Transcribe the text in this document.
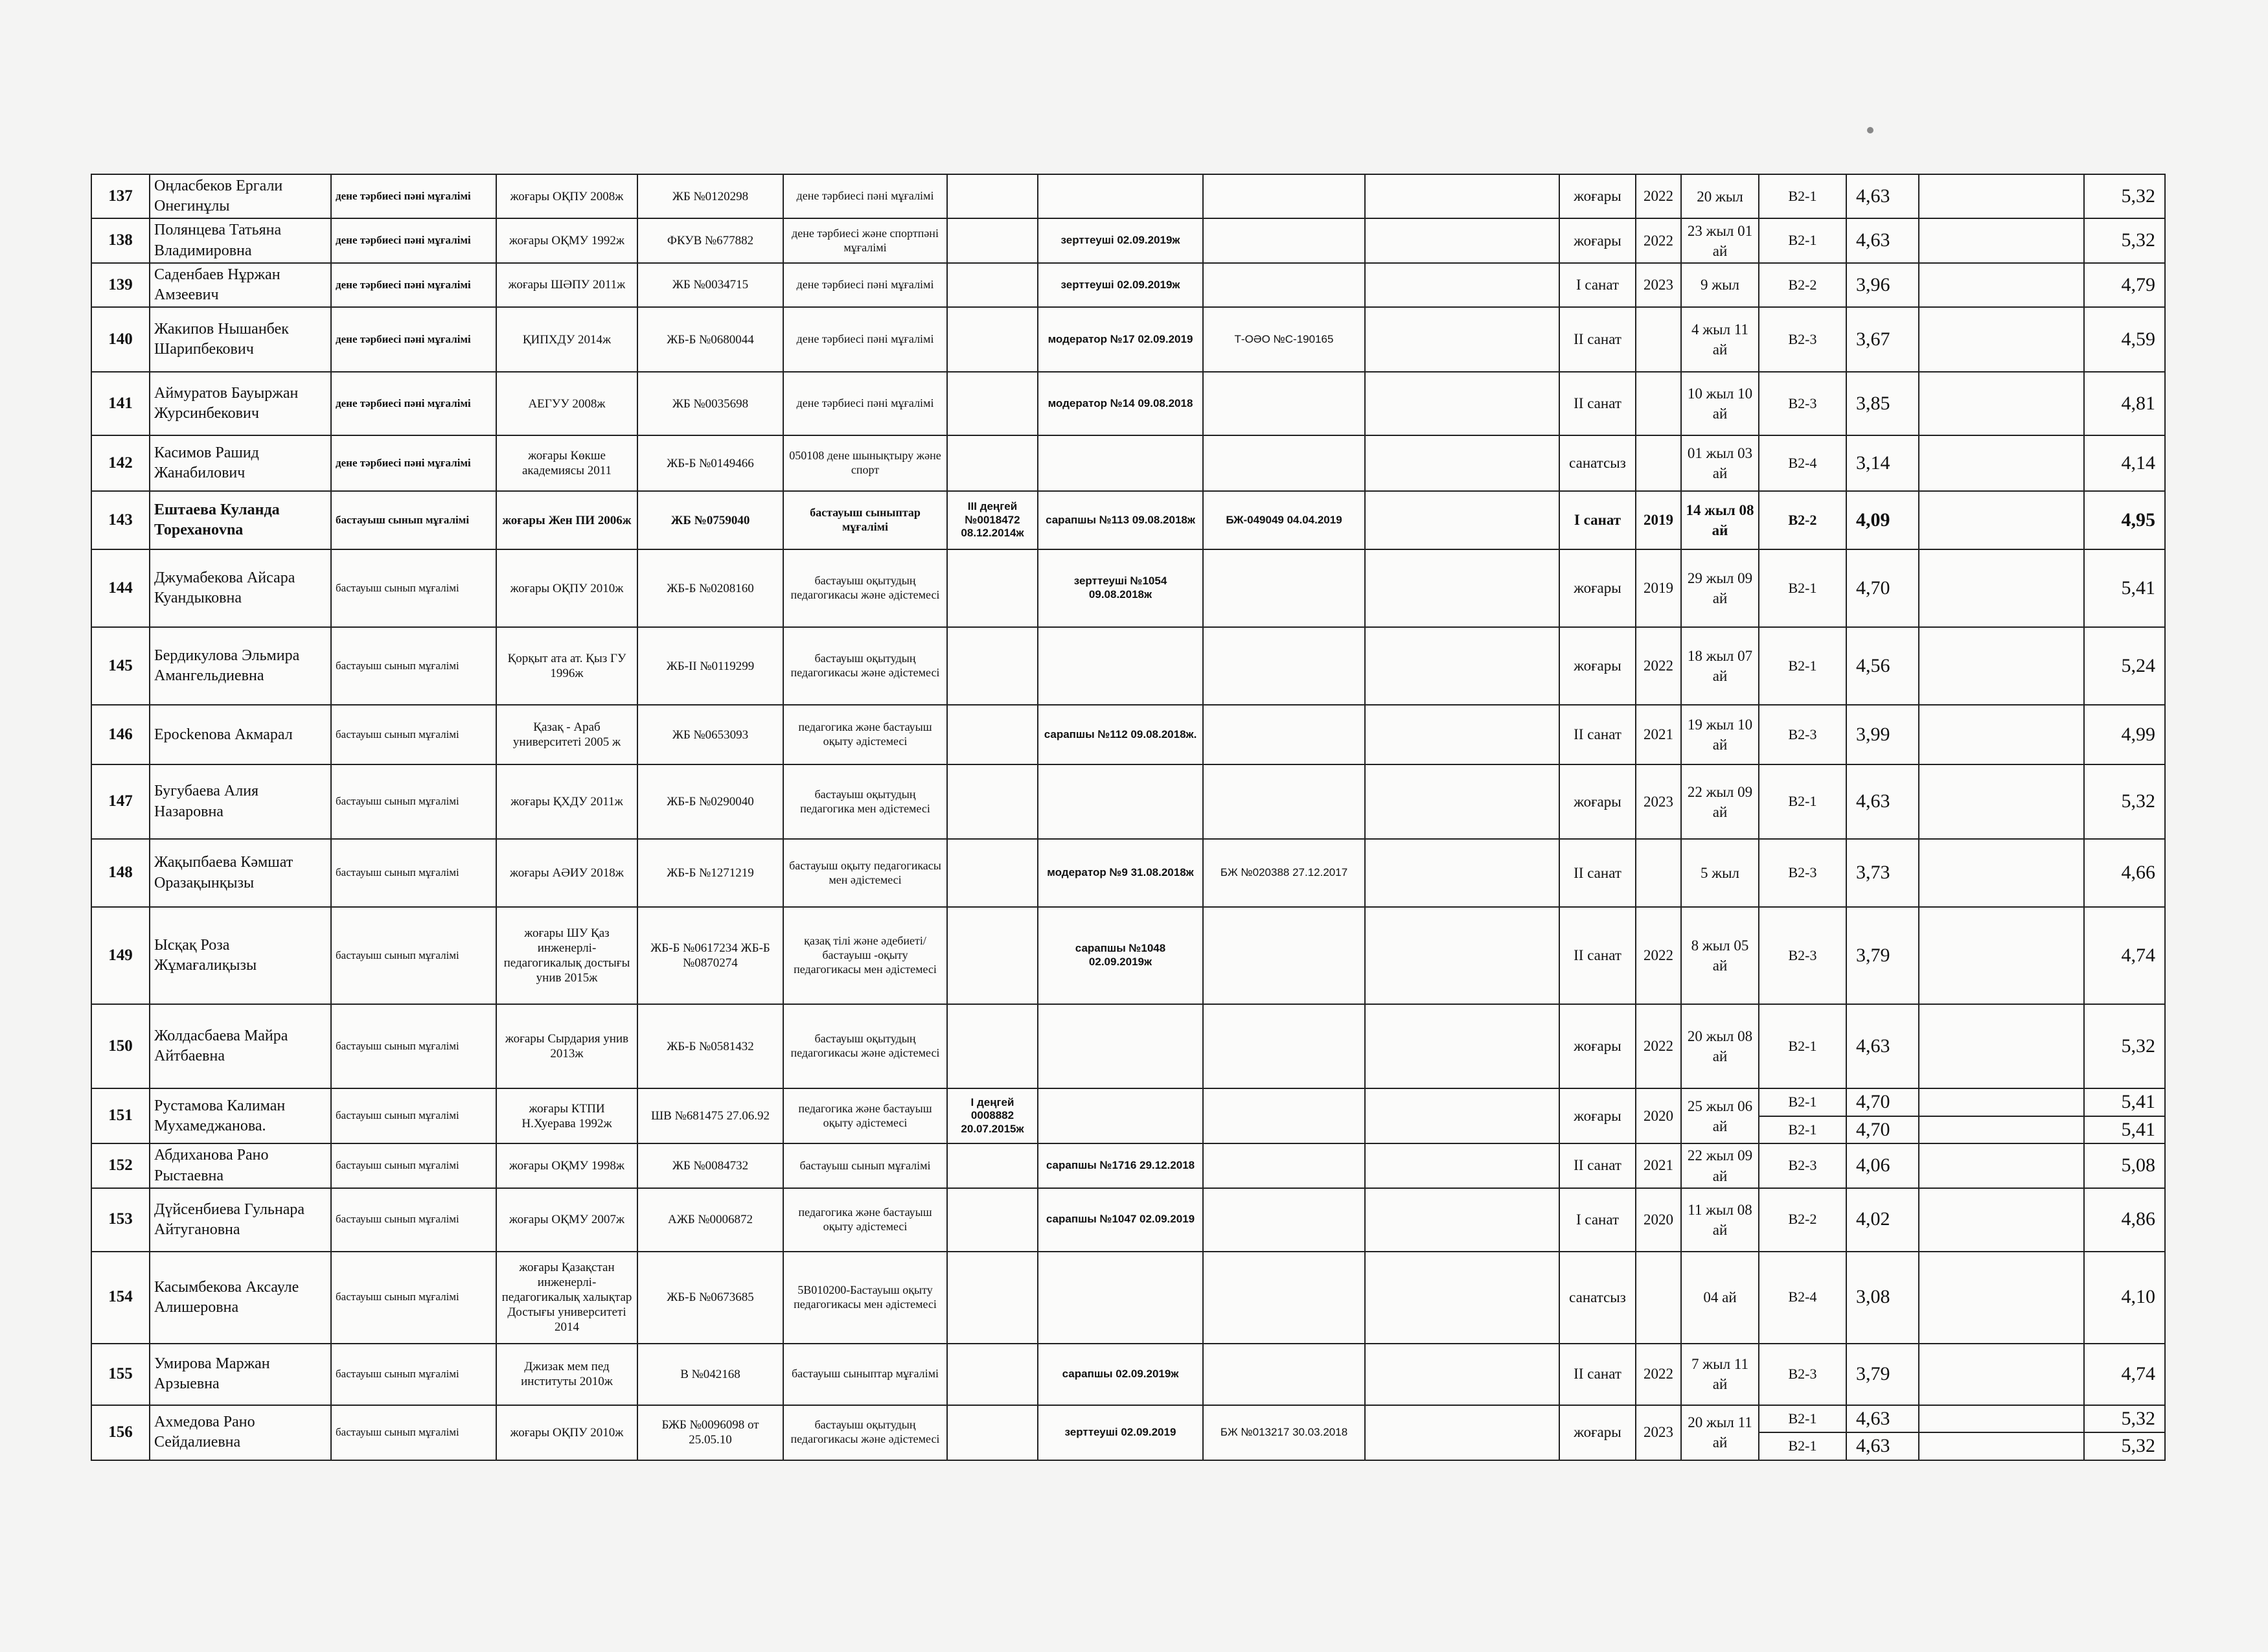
137	Оңласбеков Ергали Онегинұлы	дене тәрбиесі пәні мұғалімі	жоғары ОҚПУ 2008ж	ЖБ №0120298	дене тәрбиесі пәні мұғалімі					жоғары	2022	20 жыл	В2-1	4,63		5,32
138	Полянцева Татьяна Владимировна	дене тәрбиесі пәні мұғалімі	жоғары ОҚМУ 1992ж	ФКУВ №677882	дене тәрбиесі және спортпәні мұғалімі		зерттеуші 02.09.2019ж			жоғары	2022	23 жыл 01 ай	В2-1	4,63		5,32
139	Саденбаев Нұржан Амзеевич	дене тәрбиесі пәні мұғалімі	жоғары ШӘПУ 2011ж	ЖБ №0034715	дене тәрбиесі пәні мұғалімі		зерттеуші 02.09.2019ж			І санат	2023	9 жыл	В2-2	3,96		4,79
140	Жакипов Нышанбек Шарипбекович	дене тәрбиесі пәні мұғалімі	ҚИПХДУ 2014ж	ЖБ-Б №0680044	дене тәрбиесі пәні мұғалімі		модератор №17 02.09.2019	Т-ОӘО №С-190165		ІІ санат		4 жыл 11 ай	В2-3	3,67		4,59
141	Аймуратов Бауыржан Журсинбекович	дене тәрбиесі пәні мұғалімі	АЕГУУ 2008ж	ЖБ №0035698	дене тәрбиесі пәні мұғалімі		модератор №14 09.08.2018			ІІ санат		10 жыл 10 ай	В2-3	3,85		4,81
142	Касимов Рашид Жанабилович	дене тәрбиесі пәні мұғалімі	жоғары Көкше академиясы 2011	ЖБ-Б №0149466	050108 дене шынықтыру және спорт					санатсыз		01 жыл 03 ай	В2-4	3,14		4,14
143	Ештаева Куланда Тореханоvna	бастауыш сынып мұғалімі	жоғары Жен ПИ 2006ж	ЖБ №0759040	бастауыш сыныптар мұғалімі	ІІІ деңгей №0018472 08.12.2014ж	сарапшы №113 09.08.2018ж	БЖ-049049 04.04.2019		І санат	2019	14 жыл 08 ай	В2-2	4,09		4,95
144	Джумабекова Айсара Куандыковна	бастауыш сынып мұғалімі	жоғары ОҚПУ 2010ж	ЖБ-Б №0208160	бастауыш оқытудың педагогикасы және әдістемесі		зерттеуші №1054 09.08.2018ж			жоғары	2019	29 жыл 09 ай	В2-1	4,70		5,41
145	Бердикулова Эльмира Амангельдиевна	бастауыш сынып мұғалімі	Қорқыт ата ат. Қыз ГУ 1996ж	ЖБ-ІІ №0119299	бастауыш оқытудың педагогикасы және әдістемесі					жоғары	2022	18 жыл 07 ай	В2-1	4,56		5,24
146	Еросkenова Акмарал	бастауыш сынып мұғалімі	Қазақ - Араб университеті 2005 ж	ЖБ №0653093	педагогика және бастауыш оқыту әдістемесі		сарапшы №112 09.08.2018ж.			ІІ санат	2021	19 жыл 10 ай	В2-3	3,99		4,99
147	Бугубаева Алия Назаровна	бастауыш сынып мұғалімі	жоғары ҚХДУ 2011ж	ЖБ-Б №0290040	бастауыш оқытудың педагогика мен әдістемесі					жоғары	2023	22 жыл 09 ай	В2-1	4,63		5,32
148	Жақыпбаева Кәмшат Оразақынқызы	бастауыш сынып мұғалімі	жоғары АӘИУ 2018ж	ЖБ-Б №1271219	бастауыш оқыту педагогикасы мен әдістемесі		модератор №9 31.08.2018ж	БЖ №020388 27.12.2017		ІІ санат		5 жыл	В2-3	3,73		4,66
149	Ысқақ Роза Жұмағалиқызы	бастауыш сынып мұғалімі	жоғары ШУ Қаз инженерлі-педагогикалық достығы унив 2015ж	ЖБ-Б №0617234 ЖБ-Б №0870274	қазақ тілі және әдебиеті/ бастауыш -оқыту педагогикасы мен әдістемесі		сарапшы №1048 02.09.2019ж			ІІ санат	2022	8 жыл 05 ай	В2-3	3,79		4,74
150	Жолдасбаева Майра Айтбаевна	бастауыш сынып мұғалімі	жоғары Сырдария унив 2013ж	ЖБ-Б №0581432	бастауыш оқытудың педагогикасы және әдістемесі					жоғары	2022	20 жыл 08 ай	В2-1	4,63		5,32
151	Рустамова Калиман Мухамеджанова.	бастауыш сынып мұғалімі	жоғары КТПИ Н.Хуерава 1992ж	ШВ №681475 27.06.92	педагогика және бастауыш оқыту әдістемесі	І деңгей 0008882 20.07.2015ж				жоғары	2020	25 жыл 06 ай	В2-1	4,70		5,41
													В2-1	4,70		5,41
152	Абдиханова Рано Рыстаевна	бастауыш сынып мұғалімі	жоғары ОҚМУ 1998ж	ЖБ №0084732	бастауыш сынып мұғалімі		сарапшы №1716 29.12.2018			ІІ санат	2021	22 жыл 09 ай	В2-3	4,06		5,08
153	Дүйсенбиева Гульнара Айтугановна	бастауыш сынып мұғалімі	жоғары ОҚМУ 2007ж	АЖБ №0006872	педагогика және бастауыш оқыту әдістемесі		сарапшы №1047 02.09.2019			І санат	2020	11 жыл 08 ай	В2-2	4,02		4,86
154	Касымбекова Аксауле Алишеровна	бастауыш сынып мұғалімі	жоғары Қазақстан инженерлі-педагогикалық халықтар Достығы университеті 2014	ЖБ-Б №0673685	5В010200-Бастауыш оқыту педагогикасы мен әдістемесі					санатсыз		04 ай	В2-4	3,08		4,10
155	Умирова Маржан Арзыевна	бастауыш сынып мұғалімі	Джизак мем пед институты 2010ж	В №042168	бастауыш сыныптар мұғалімі		сарапшы 02.09.2019ж			ІІ санат	2022	7 жыл 11 ай	В2-3	3,79		4,74
156	Ахмедова Рано Сейдалиевна	бастауыш сынып мұғалімі	жоғары ОҚПУ 2010ж	БЖБ №0096098 от 25.05.10	бастауыш оқытудың педагогикасы және әдістемесі		зерттеуші 02.09.2019	БЖ №013217 30.03.2018		жоғары	2023	20 жыл 11 ай	В2-1	4,63		5,32
													В2-1	4,63		5,32
